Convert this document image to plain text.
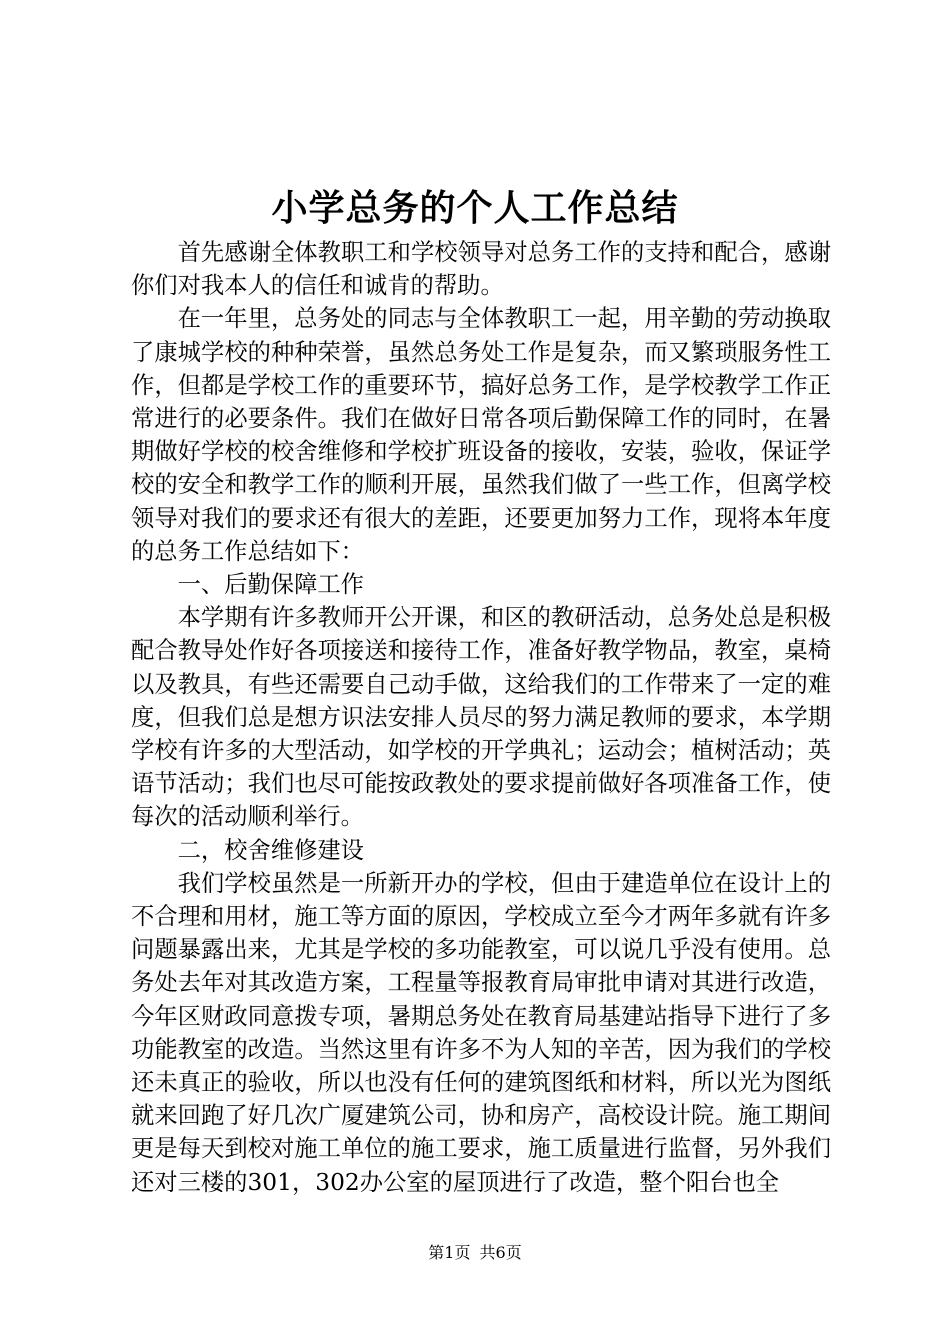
小学总务的个人工作总结

首先感谢全体教职工和学校领导对总务工作的支持和配合，感谢你们对我本人的信任和诚肯的帮助。

在一年里，总务处的同志与全体教职工一起，用辛勤的劳动换取了康城学校的种种荣誉，虽然总务处工作是复杂，而又繁琐服务性工作，但都是学校工作的重要环节，搞好总务工作，是学校教学工作正常进行的必要条件。我们在做好日常各项后勤保障工作的同时，在暑期做好学校的校舍维修和学校扩班设备的接收，安装，验收，保证学校的安全和教学工作的顺利开展，虽然我们做了一些工作，但离学校领导对我们的要求还有很大的差距，还要更加努力工作，现将本年度的总务工作总结如下：

一、后勤保障工作

本学期有许多教师开公开课，和区的教研活动，总务处总是积极配合教导处作好各项接送和接待工作，准备好教学物品，教室，桌椅以及教具，有些还需要自己动手做，这给我们的工作带来了一定的难度，但我们总是想方识法安排人员尽的努力满足教师的要求，本学期学校有许多的大型活动，如学校的开学典礼；运动会；植树活动；英语节活动；我们也尽可能按政教处的要求提前做好各项准备工作，使每次的活动顺利举行。

二，校舍维修建设

我们学校虽然是一所新开办的学校，但由于建造单位在设计上的不合理和用材，施工等方面的原因，学校成立至今才两年多就有许多问题暴露出来，尤其是学校的多功能教室，可以说几乎没有使用。总务处去年对其改造方案，工程量等报教育局审批申请对其进行改造，今年区财政同意拨专项，暑期总务处在教育局基建站指导下进行了多功能教室的改造。当然这里有许多不为人知的辛苦，因为我们的学校还未真正的验收，所以也没有任何的建筑图纸和材料，所以光为图纸就来回跑了好几次广厦建筑公司，协和房产，高校设计院。施工期间更是每天到校对施工单位的施工要求，施工质量进行监督，另外我们还对三楼的301，302办公室的屋顶进行了改造，整个阳台也全

第1页 共6页
